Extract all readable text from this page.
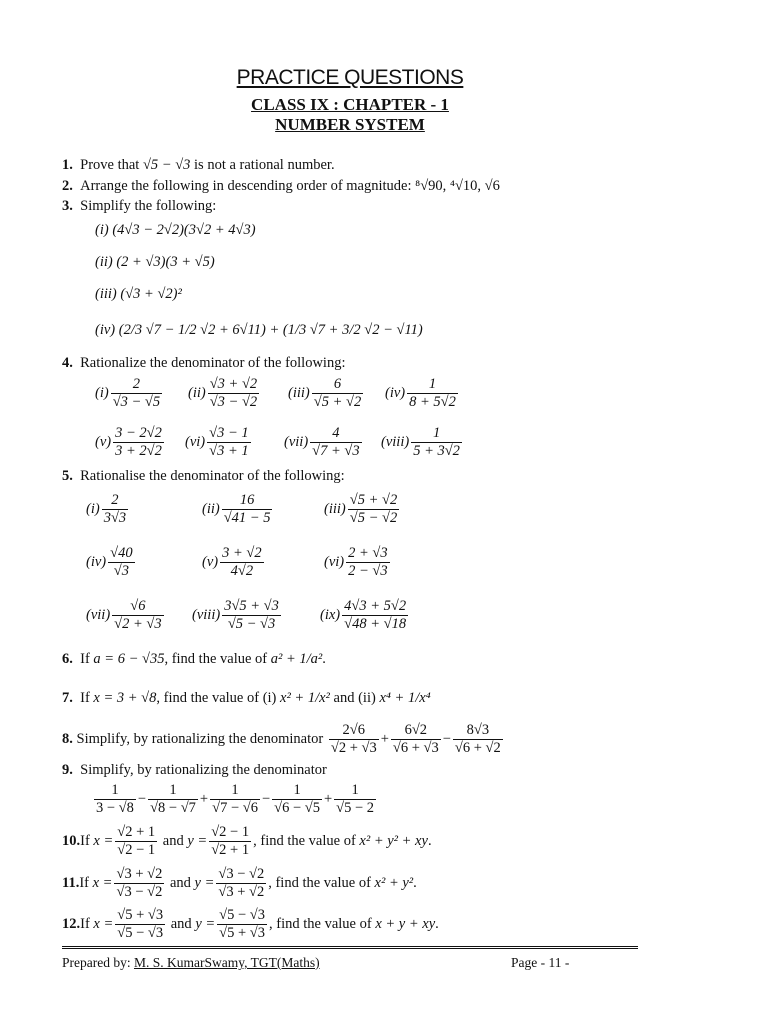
PRACTICE QUESTIONS
CLASS IX : CHAPTER - 1
NUMBER SYSTEM
1. Prove that √5 − √3 is not a rational number.
2. Arrange the following in descending order of magnitude: ⁸√90, ⁴√10, √6
3. Simplify the following:
(i) (4√3 − 2√2)(3√2 + 4√3)
(ii) (2 + √3)(3 + √5)
(iii) (√3 + √2)²
(iv) (2/3 √7 − 1/2 √2 + 6√11) + (1/3 √7 + 3/2 √2 − √11)
4. Rationalize the denominator of the following:
$(i) \frac{2}{√3 - √5} (ii) \frac{√3 + √2}{√3 - √2} (iii) \frac{6}{√5 + √2} (iv) \frac{1}{8 + 5√2}$
$(v) \frac{3 - 2√2}{3 + 2√2} (vi) \frac{√3 - 1}{√3 + 1} (vii) \frac{4}{√7 + √3}$ (viii) $\frac{1}{5 + 3√2}$
5. Rationalise the denominator of the following:
$(i) \frac{2}{3√3}$	$(ii) \frac{16}{√41 - 5}$	$(iii) \frac{√5 + √2}{√5 - √2}$
$(iv) \frac{√40}{√3}$	$(v) \frac{3 + √2}{4√2}$	$(vi) \frac{2 + √3}{2 - √3}$
$(vii) \frac{√6}{√2 + √3}$ (viii) $\frac{3√5 + √3}{√5 - √3}$	$(ix) \frac{4√3 + 5√2}{√48 + √18}$
6. If a = 6 − √35, find the value of a² + 1/a².
7. If x = 3 + √8, find the value of (i) x² + 1/x² and (ii) x⁴ + 1/x⁴
8.
Simplify, by rationalizing the denominator
$\frac{2√6}{√2 + √3} + \frac{6√2}{√6 + √3} - \frac{8√3}{√6 + √2}$
9. Simplify, by rationalizing the denominator
$\frac{1}{3 - √8} - \frac{1}{√8 - √7} + \frac{1}{√7 - √6} - \frac{1}{√6 - √5} + \frac{1}{√5 - 2}$
10. If
$x = \frac{√2 + 1}{√2 - 1}$
and
$y = \frac{√2 - 1}{√2 + 1}$ , find the value of
x² + y² + xy .
11. If
$x = \frac{√3 + √2}{√3 - √2}$
and
$y = \frac{√3 - √2}{√3 + √2}$ , find the value of
x² + y² .
12. If
$x = \frac{√5 + √3}{√5 - √3}$
and
$y = \frac{√5 - √3}{√5 + √3}$ , find the value of
x + y + xy .
Prepared by: M. S. KumarSwamy, TGT(Maths)	Page - 11 -
